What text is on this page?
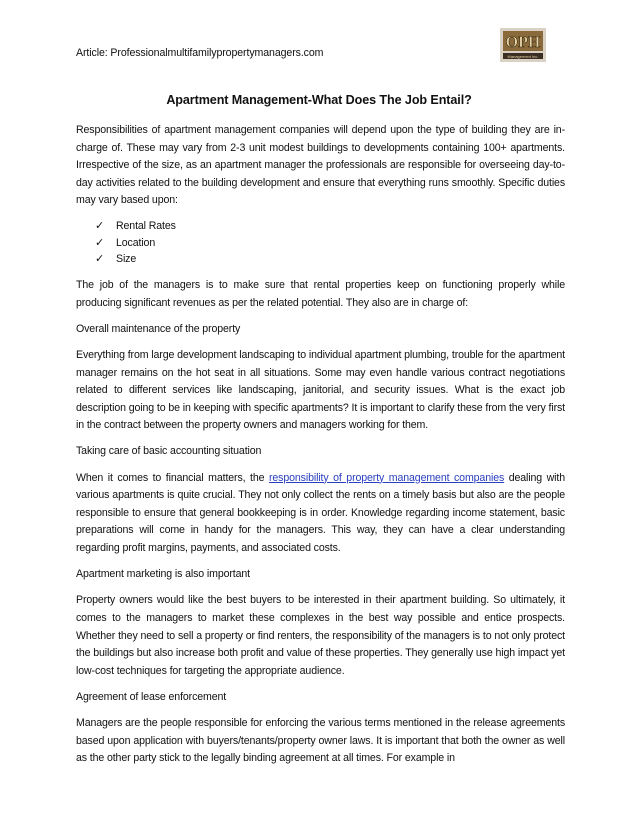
Article: Professionalmultifamilypropertymanagers.com
OPH
Management Inc.
Apartment Management-What Does The Job Entail?

Responsibilities of apartment management companies will depend upon the type of building they are in-charge of. These may vary from 2-3 unit modest buildings to developments containing 100+ apartments. Irrespective of the size, as an apartment manager the professionals are responsible for overseeing day-to-day activities related to the building development and ensure that everything runs smoothly. Specific duties may vary based upon:

✓ Rental Rates
✓ Location
✓ Size

The job of the managers is to make sure that rental properties keep on functioning properly while producing significant revenues as per the related potential. They also are in charge of:

Overall maintenance of the property

Everything from large development landscaping to individual apartment plumbing, trouble for the apartment manager remains on the hot seat in all situations. Some may even handle various contract negotiations related to different services like landscaping, janitorial, and security issues. What is the exact job description going to be in keeping with specific apartments? It is important to clarify these from the very first in the contract between the property owners and managers working for them.

Taking care of basic accounting situation

When it comes to financial matters, the responsibility of property management companies dealing with various apartments is quite crucial. They not only collect the rents on a timely basis but also are the people responsible to ensure that general bookkeeping is in order. Knowledge regarding income statement, basic preparations will come in handy for the managers. This way, they can have a clear understanding regarding profit margins, payments, and associated costs.

Apartment marketing is also important

Property owners would like the best buyers to be interested in their apartment building. So ultimately, it comes to the managers to market these complexes in the best way possible and entice prospects. Whether they need to sell a property or find renters, the responsibility of the managers is to not only protect the buildings but also increase both profit and value of these properties. They generally use high impact yet low-cost techniques for targeting the appropriate audience.

Agreement of lease enforcement

Managers are the people responsible for enforcing the various terms mentioned in the release agreements based upon application with buyers/tenants/property owner laws. It is important that both the owner as well as the other party stick to the legally binding agreement at all times. For example in
